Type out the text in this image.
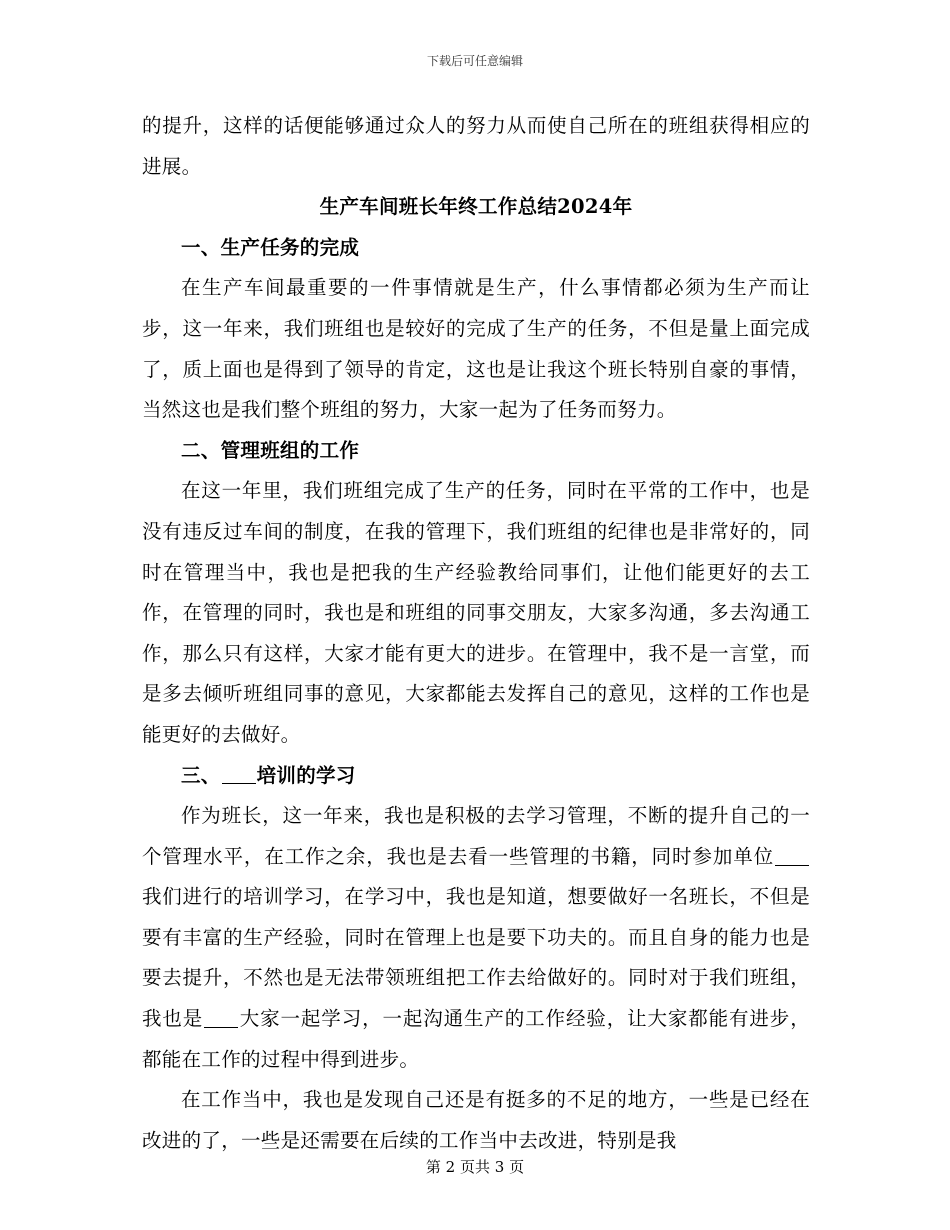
下载后可任意编辑

的提升，这样的话便能够通过众人的努力从而使自己所在的班组获得相应的进展。

生产车间班长年终工作总结2024年

一、生产任务的完成

在生产车间最重要的一件事情就是生产，什么事情都必须为生产而让步，这一年来，我们班组也是较好的完成了生产的任务，不但是量上面完成了，质上面也是得到了领导的肯定，这也是让我这个班长特别自豪的事情，当然这也是我们整个班组的努力，大家一起为了任务而努力。

二、管理班组的工作

在这一年里，我们班组完成了生产的任务，同时在平常的工作中，也是没有违反过车间的制度，在我的管理下，我们班组的纪律也是非常好的，同时在管理当中，我也是把我的生产经验教给同事们，让他们能更好的去工作，在管理的同时，我也是和班组的同事交朋友，大家多沟通，多去沟通工作，那么只有这样，大家才能有更大的进步。在管理中，我不是一言堂，而是多去倾听班组同事的意见，大家都能去发挥自己的意见，这样的工作也是能更好的去做好。

三、 培训的学习

作为班长，这一年来，我也是积极的去学习管理，不断的提升自己的一个管理水平，在工作之余，我也是去看一些管理的书籍，同时参加单位我们进行的培训学习，在学习中，我也是知道，想要做好一名班长，不但是要有丰富的生产经验，同时在管理上也是要下功夫的。而且自身的能力也是要去提升，不然也是无法带领班组把工作去给做好的。同时对于我们班组，我也是 大家一起学习，一起沟通生产的工作经验，让大家都能有进步，都能在工作的过程中得到进步。

在工作当中，我也是发现自己还是有挺多的不足的地方，一些是已经在改进的了，一些是还需要在后续的工作当中去改进，特别是我

第 2 页共 3 页
